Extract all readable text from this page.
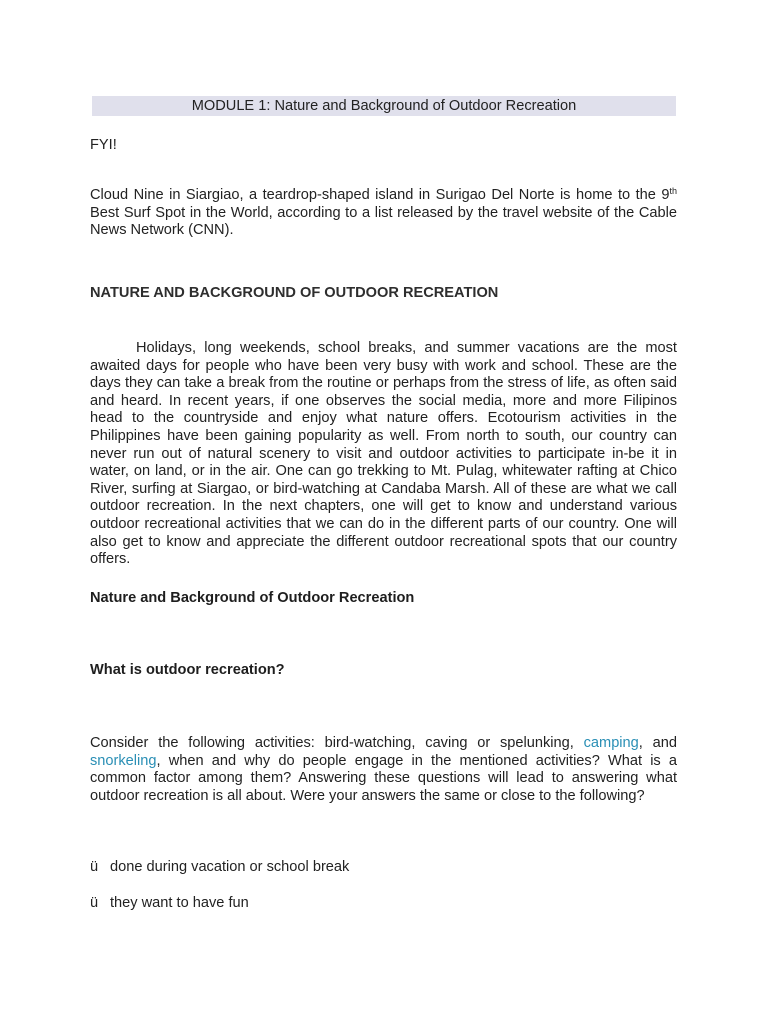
MODULE 1: Nature and Background of Outdoor Recreation
FYI!
Cloud Nine in Siargiao, a teardrop-shaped island in Surigao Del Norte is home to the 9th Best Surf Spot in the World, according to a list released by the travel website of the Cable News Network (CNN).
NATURE AND BACKGROUND OF OUTDOOR RECREATION
Holidays, long weekends, school breaks, and summer vacations are the most awaited days for people who have been very busy with work and school. These are the days they can take a break from the routine or perhaps from the stress of life, as often said and heard. In recent years, if one observes the social media, more and more Filipinos head to the countryside and enjoy what nature offers. Ecotourism activities in the Philippines have been gaining popularity as well. From north to south, our country can never run out of natural scenery to visit and outdoor activities to participate in-be it in water, on land, or in the air. One can go trekking to Mt. Pulag, whitewater rafting at Chico River, surfing at Siargao, or bird-watching at Candaba Marsh. All of these are what we call outdoor recreation. In the next chapters, one will get to know and understand various outdoor recreational activities that we can do in the different parts of our country. One will also get to know and appreciate the different outdoor recreational spots that our country offers.
Nature and Background of Outdoor Recreation
What is outdoor recreation?
Consider the following activities: bird-watching, caving or spelunking, camping, and snorkeling, when and why do people engage in the mentioned activities? What is a common factor among them? Answering these questions will lead to answering what outdoor recreation is all about. Were your answers the same or close to the following?
ü done during vacation or school break
ü they want to have fun
